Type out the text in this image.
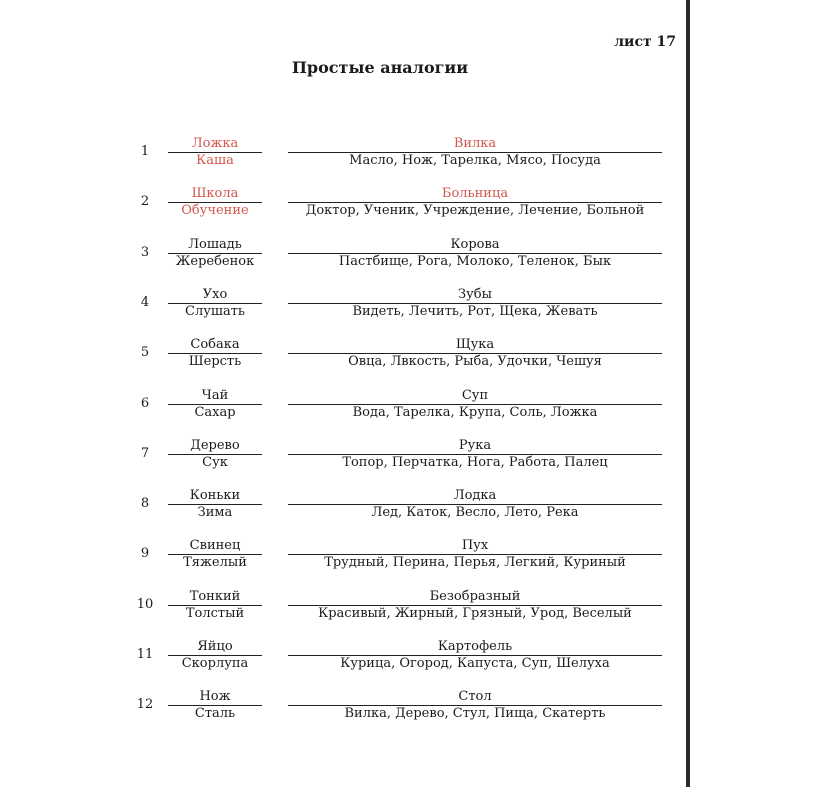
лист 17
Простые аналогии
1
Ложка
Каша
Вилка
Масло, Нож, Тарелка, Мясо, Посуда
2
Школа
Обучение
Больница
Доктор, Ученик, Учреждение, Лечение, Больной
3
Лошадь
Жеребенок
Корова
Пастбище, Рога, Молоко, Теленок, Бык
4
Ухо
Слушать
Зубы
Видеть, Лечить, Рот, Щека, Жевать
5
Собака
Шерсть
Щука
Овца, Лвкость, Рыба, Удочки, Чешуя
6
Чай
Сахар
Суп
Вода, Тарелка, Крупа, Соль, Ложка
7
Дерево
Сук
Рука
Топор, Перчатка, Нога, Работа, Палец
8
Коньки
Зима
Лодка
Лед, Каток, Весло, Лето, Река
9
Свинец
Тяжелый
Пух
Трудный, Перина, Перья, Легкий, Куриный
10
Тонкий
Толстый
Безобразный
Красивый, Жирный, Грязный, Урод, Веселый
11
Яйцо
Скорлупа
Картофель
Курица, Огород, Капуста, Суп, Шелуха
12
Нож
Сталь
Стол
Вилка, Дерево, Стул, Пища, Скатерть
